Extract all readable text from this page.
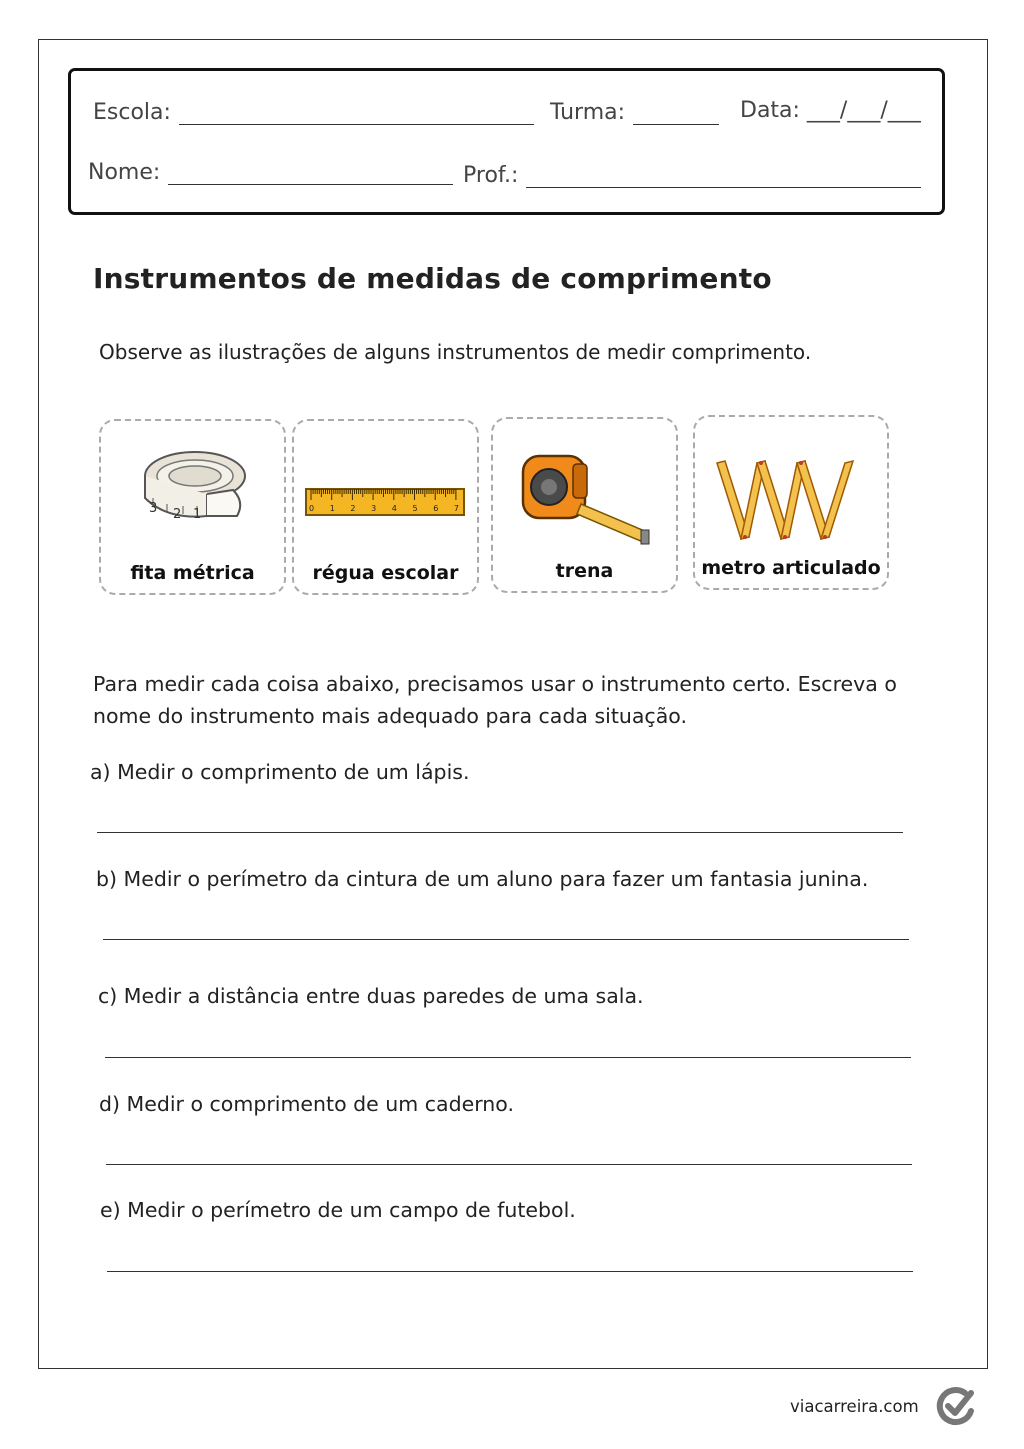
Escola:	Turma:	Data: ___/___/___
Nome:	Prof.:
Instrumentos de medidas de comprimento
Observe as ilustrações de alguns instrumentos de medir comprimento.
3 2 1
fita métrica
0 1 2 3 4 5 6 7
régua escolar	trena	metro articulado
Para medir cada coisa abaixo, precisamos usar o instrumento certo. Escreva o nome do instrumento mais adequado para cada situação.
a) Medir o comprimento de um lápis.
b) Medir o perímetro da cintura de um aluno para fazer um fantasia junina.
c) Medir a distância entre duas paredes de uma sala.
d) Medir o comprimento de um caderno.
e) Medir o perímetro de um campo de futebol.
viacarreira.com
